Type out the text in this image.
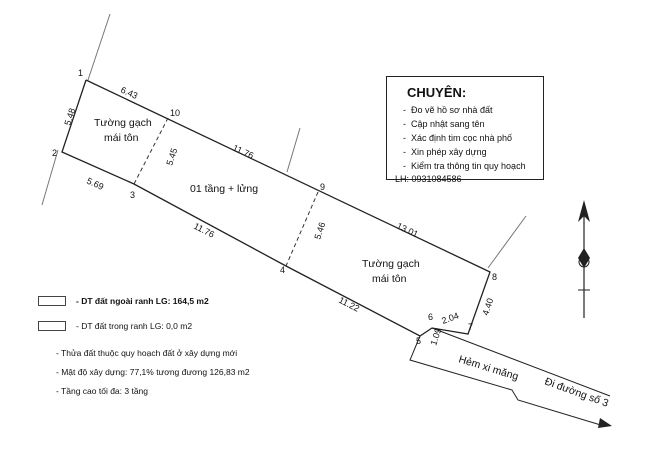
1
2
3
4
5
6
7
8
9
10
5.48
6.43
11.76
13.01
5.69
11.76
11.22
5.45
5.46
4.40
2.04
1.09
Tường gạch
mái tôn
01 tầng + lửng
Tường gạch
mái tôn
Hẻm xi măng
Đi đường số 3
CHUYÊN:
- Đo vẽ hồ sơ nhà đất
- Cập nhật sang tên
- Xác định tim cọc nhà phố
- Xin phép xây dựng
- Kiểm tra thông tin quy hoạch
LH: 0931084586
- DT đất ngoài ranh LG: 164,5 m2
- DT đất trong ranh LG: 0,0 m2
- Thửa đất thuộc quy hoạch đất ở xây dựng mới
- Mật độ xây dựng: 77,1% tương đương 126,83 m2
- Tầng cao tối đa: 3 tầng
